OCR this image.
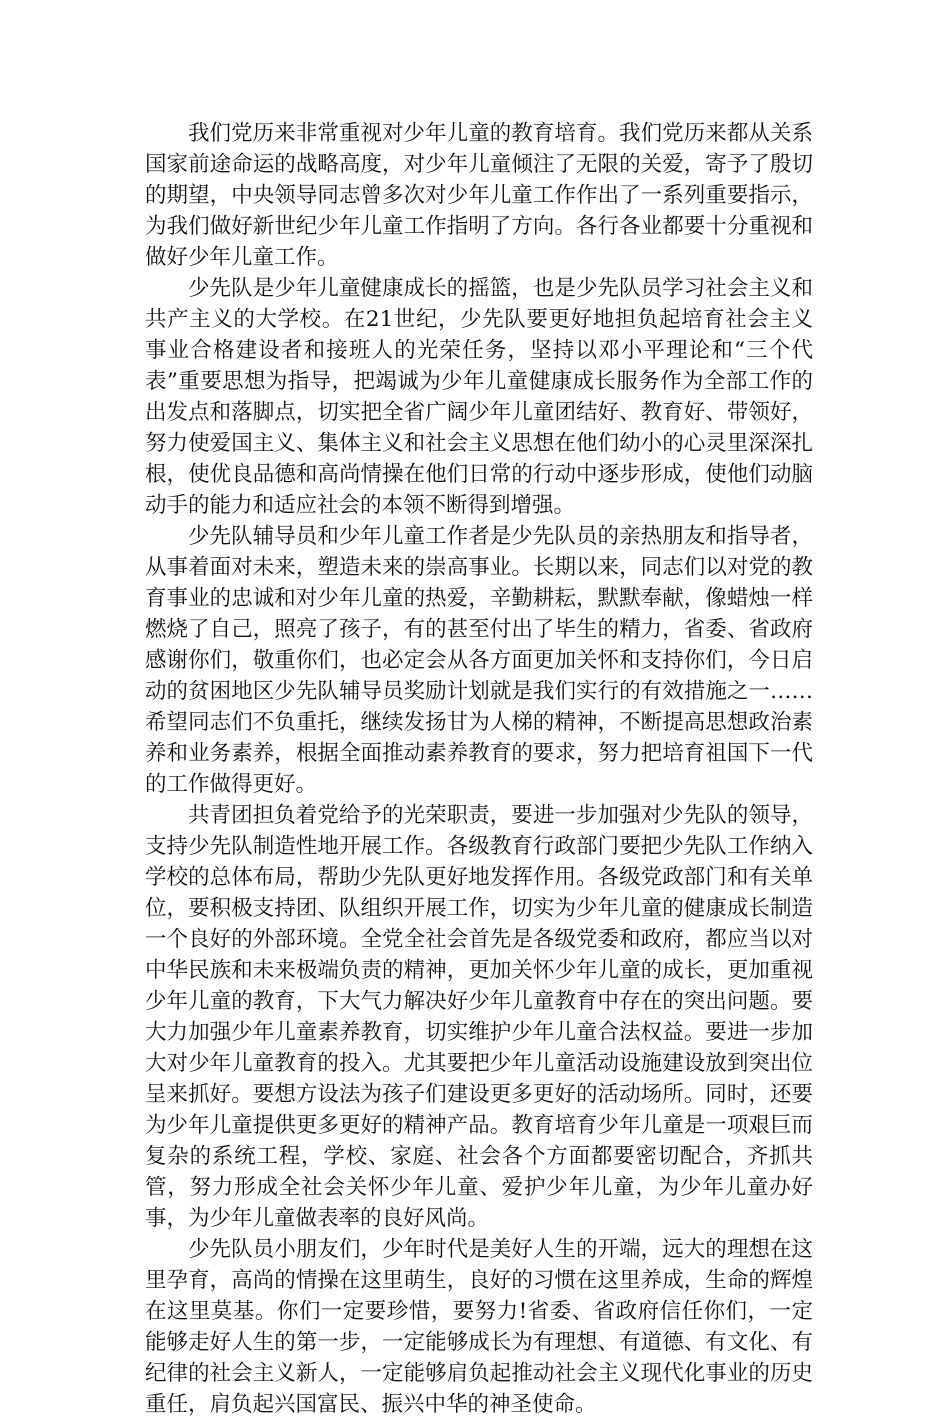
我们党历来非常重视对少年儿童的教育培育。我们党历来都从关系国家前途命运的战略高度，对少年儿童倾注了无限的关爱，寄予了殷切的期望，中央领导同志曾多次对少年儿童工作作出了一系列重要指示，为我们做好新世纪少年儿童工作指明了方向。各行各业都要十分重视和做好少年儿童工作。

少先队是少年儿童健康成长的摇篮，也是少先队员学习社会主义和共产主义的大学校。在21世纪，少先队要更好地担负起培育社会主义事业合格建设者和接班人的光荣任务，坚持以邓小平理论和“三个代表”重要思想为指导，把竭诚为少年儿童健康成长服务作为全部工作的出发点和落脚点，切实把全省广阔少年儿童团结好、教育好、带领好，努力使爱国主义、集体主义和社会主义思想在他们幼小的心灵里深深扎根，使优良品德和高尚情操在他们日常的行动中逐步形成，使他们动脑动手的能力和适应社会的本领不断得到增强。

少先队辅导员和少年儿童工作者是少先队员的亲热朋友和指导者，从事着面对未来，塑造未来的崇高事业。长期以来，同志们以对党的教育事业的忠诚和对少年儿童的热爱，辛勤耕耘，默默奉献，像蜡烛一样燃烧了自己，照亮了孩子，有的甚至付出了毕生的精力，省委、省政府感谢你们，敬重你们，也必定会从各方面更加关怀和支持你们，今日启动的贫困地区少先队辅导员奖励计划就是我们实行的有效措施之一……希望同志们不负重托，继续发扬甘为人梯的精神，不断提高思想政治素养和业务素养，根据全面推动素养教育的要求，努力把培育祖国下一代的工作做得更好。

共青团担负着党给予的光荣职责，要进一步加强对少先队的领导，支持少先队制造性地开展工作。各级教育行政部门要把少先队工作纳入学校的总体布局，帮助少先队更好地发挥作用。各级党政部门和有关单位，要积极支持团、队组织开展工作，切实为少年儿童的健康成长制造一个良好的外部环境。全党全社会首先是各级党委和政府，都应当以对中华民族和未来极端负责的精神，更加关怀少年儿童的成长，更加重视少年儿童的教育，下大气力解决好少年儿童教育中存在的突出问题。要大力加强少年儿童素养教育，切实维护少年儿童合法权益。要进一步加大对少年儿童教育的投入。尤其要把少年儿童活动设施建设放到突出位呈来抓好。要想方设法为孩子们建设更多更好的活动场所。同时，还要为少年儿童提供更多更好的精神产品。教育培育少年儿童是一项艰巨而复杂的系统工程，学校、家庭、社会各个方面都要密切配合，齐抓共管，努力形成全社会关怀少年儿童、爱护少年儿童，为少年儿童办好事，为少年儿童做表率的良好风尚。

少先队员小朋友们，少年时代是美好人生的开端，远大的理想在这里孕育，高尚的情操在这里萌生，良好的习惯在这里养成，生命的辉煌在这里莫基。你们一定要珍惜，要努力!省委、省政府信任你们，一定能够走好人生的第一步，一定能够成长为有理想、有道德、有文化、有纪律的社会主义新人，一定能够肩负起推动社会主义现代化事业的历史重任，肩负起兴国富民、振兴中华的神圣使命。
